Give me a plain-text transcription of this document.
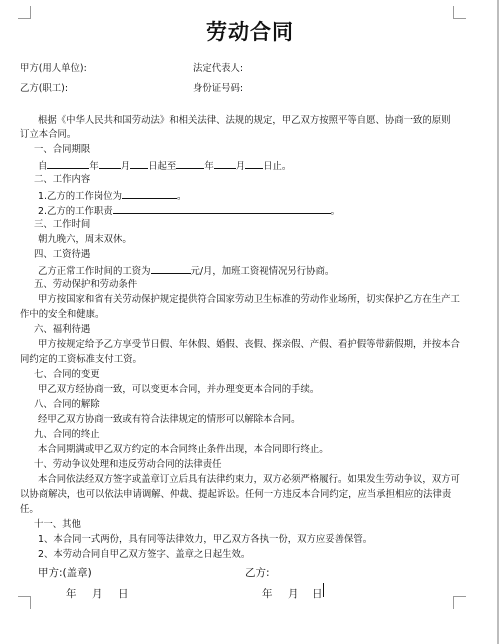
劳动合同
甲方(用人单位):	法定代表人:
乙方(职工):	身份证号码:
根据《中华人民共和国劳动法》和相关法律、法规的规定，甲乙双方按照平等自愿、协商一致的原则
订立本合同。
一、合同期限
自	年 月 日起至	年 月 日止。
二、工作内容
1.乙方的工作岗位为	。
2.乙方的工作职责	。
三、工作时间
朝九晚六，周末双休。
四、工资待遇
乙方正常工作时间的工资为	元/月，加班工资视情况另行协商。
五、劳动保护和劳动条件
甲方按国家和省有关劳动保护规定提供符合国家劳动卫生标准的劳动作业场所，切实保护乙方在生产工作中的安全和健康。
六、福利待遇
甲方按规定给予乙方享受节日假、年休假、婚假、丧假、探亲假、产假、看护假等带薪假期，并按本合同约定的工资标准支付工资。
七、合同的变更
甲乙双方经协商一致，可以变更本合同，并办理变更本合同的手续。
八、合同的解除
经甲乙双方协商一致或有符合法律规定的情形可以解除本合同。
九、合同的终止
本合同期满或甲乙双方约定的本合同终止条件出现，本合同即行终止。
十、劳动争议处理和违反劳动合同的法律责任
本合同依法经双方签字或盖章订立后具有法律约束力，双方必须严格履行。如果发生劳动争议，双方可以协商解决，也可以依法申请调解、仲裁、提起诉讼。任何一方违反本合同约定，应当承担相应的法律责任。
十一、其他
1、本合同一式两份，具有同等法律效力，甲乙双方各执一份，双方应妥善保管。
2、本劳动合同自甲乙双方签字、盖章之日起生效。
甲方:(盖章)	乙方:
年 月 日	年 月 日
